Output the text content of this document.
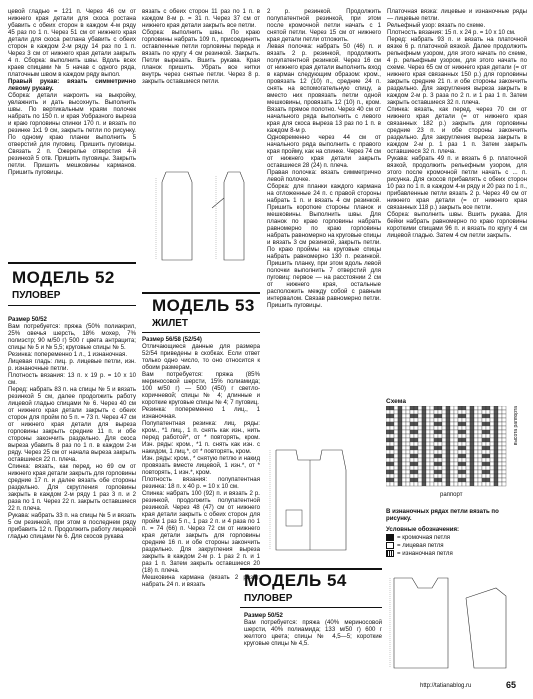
цевой гладью = 121 п. Через 46 см от нижнего края детали для скоса ростана убавить с обеих сторон в каждом 4-м ряду 45 раз по 1 п. Через 51 см от нижнего края детали для скоса реглана убавить с обеих сторон в каждом 2-м ряду 14 раз по 1 п. Через 3 см от нижнего края детали закрыть 4 п. Сборка: выполнить швы. Вдоль всех краев спицами № 5 начав с одного ряда, платочным швом в каждом ряду выпол.

Правый рукав: вязать симметрично левому рукаву.

Сборка: детали накроить на выкройку, увлажнить и дать высохнуть. Выполнить швы. По вертикальным краям полочек набрать по 150 п. и края Уобразного выреза и краю горловины спинки 170 п. и вязать по резинке 1х1 9 см, закрыть петли по рисунку. По одному краю планки выполнить 5 отверстий для пуговиц. Пришить пуговицы. Связать 2 п. Ожерелье отверстия 4-й резинкой 5 отв. Пришить пуговицы. Закрыть петли. Пришить мешковины карманов. Пришить пуговицы.

МОДЕЛЬ 52
ПУЛОВЕР

Размер 50/52

Вам потребуется: пряжа (50% полиакрил, 25% овечья шерсть, 18% мохер, 7% полиэстр; 90 м/50 г) 500 г цвета антрацита; спицы № 5 и № 5,5; круговые спицы № 5.

Резинка: попеременно 1 л., 1 изнаночная.

Лицевая гладь: лиц. р. лицевые петли, изн. р. изнаночные петли.

Плотность вязания: 13 п. х 19 р. = 10 х 10 см.

Перед: набрать 83 п. на спицы № 5 и вязать резинкой 5 см, далее продолжить работу лицевой гладью спицами № 6. Через 40 см от нижнего края детали закрыть с обеих сторон для пройм по 5 п. = 73 п. Через 47 см от нижнего края детали для выреза горловины закрыть средние 11 п. и обе стороны закончить раздельно. Для скоса выреза убавить 8 раз по 1 п. в каждом 2-м ряду. Через 25 см от начала выреза закрыть оставшиеся 22 п. плеча.

Спинка: вязать, как перед, но 69 см от нижнего края детали закрыть для горловины средние 17 п. и далее вязать обе стороны раздельно. Для скругления горловины закрыть в каждом 2-м ряду 1 раз 3 п. и 2 раза по 1 п. Через 22 п. закрыть оставшиеся 22 п. плеча.

Рукава: набрать 33 п. на спицы № 5 и вязать 5 см резинкой, при этом в последнем ряду прибавить 12 п. Продолжить работу лицевой гладью спицами № 6. Для скосов рукава

вязать с обеих сторон 11 раз по 1 п. в каждом 8-м р. = 31 п. Через 37 см от нижнего края детали закрыть все петли.

Сборка: выполнить швы. По краю горловины набрать 109 п., присоединить оставленные петли горловины переда и вязать по кругу 4 см резинкой. Закрыть. Петли вырезать. Вшить рукава. Края планок пришить. Убрать все нитки внутрь через снятые петли. Через 8 р. закрыть оставшиеся петли.

МОДЕЛЬ 53
ЖИЛЕТ

Размер 56/58 (52/54)

Отличающиеся данные для размера 52/54 приведены в скобках. Если ответ только одно число, то оно относится к обоим размерам.

Вам потребуется: пряжа (85% мериносовой шерсти, 15% полиамида; 100 м/50 г) — 500 (450) г светло-коричневой; спицы № 4; длинные и короткие круговые спицы № 4; 7 пуговиц.

Резинка: попеременно 1 лиц., 1 изнаночная.

Полупатентная резинка: лиц. ряды: кром., *1 лиц., 1 п. снять как изн., нить перед работой*, от * повторять, кром. Изн. ряды: кром., *1 п. снять как изн. с накидом, 1 лиц.*, от * повторять, кром.

Изн. ряды: кром., * снятую петлю и накид провязать вместе лицевой, 1 изн.*, от * повторять, 1 изн.*, кром.

Плотность вязания: полупатентная резинка: 18 п. х 40 р. = 10 х 10 см.

Спинка: набрать 100 (92) п. и вязать 2 р. резинкой, продолжить полупатентной резинкой. Через 48 (47) см от нижнего края детали закрыть с обеих сторон для пройм 1 раз 5 п., 1 раз 2 п. и 4 раза по 1 п. = 74 (66) п. Через 72 см от нижнего края детали закрыть для горловины средние 16 п. и обе стороны закончить раздельно. Для закругления выреза закрыть в каждом 2-м р. 1 раз 2 п. и 1 раз 1 п. Затем закрыть оставшиеся 20 (18) п. плеча.

Мешковина кармана (вязать 2 раза): набрать 24 п. и вязать

2 р. резинкой. Продолжить полупатентной резинкой, при этом после кромочной петли начать с 1 снятой петли. Через 15 см от нижнего края детали петли отложить.

Левая полочка: набрать 50 (46) п. и вязать 2 р. резинкой, продолжить полупатентной резинкой. Через 16 см от нижнего края детали выполнить вход в карман следующим образом: кром., провязать 12 (10) п., средние 24 п. снять на вспомогательную спицу, а вместо них провязать петли одной мешковины, провязать 12 (10) п., кром. Вязать прямое полотно. Через 40 см от начального ряда выполнить с левого края для скоса выреза 13 раз по 1 п. в каждом 8-м р.

Одновременно через 44 см от начального ряда выполнить с правого края пройму, как на спинке. Через 74 см от нижнего края детали закрыть оставшиеся 28 (24) п. плеча.

Правая полочка: вязать симметрично левой полочке.

Сборка: для планки каждого кармана на отложенные 24 п. с правой стороны набрать 1 п. и вязать 4 см резинкой. Пришить короткие стороны планок и мешковины. Выполнить швы. Для планок по краю горловины набрать равномерно по краю горловины набрать равномерно на круговые спицы и вязать 3 см резинкой, закрыть петли. По краю проймы на круговые спицы набрать равномерно 130 п. резинкой. Пришить планку, при этом вдоль левой полочки выполнить 7 отверстий для пуговиц: первое — на расстоянии 2 см от нижнего края, остальные расположить между собой с равным интервалом. Связав равномерно петли. Пришить пуговицы.

МОДЕЛЬ 54
ПУЛОВЕР

Размер 50/52

Вам потребуется: пряжа (40% мериносовой шерсти, 40% полиамида; 133 м/50 г) 600 г желтого цвета; спицы № 4,5—5; короткие круговые спицы № 4,5.

Платочная вязка: лицевые и изнаночные ряды — лицевые петли.

Рельефный узор: вязать по схеме.

Плотность вязания: 15 п. х 24 р. = 10 х 10 см.

Перед: набрать 93 п. и вязать на платочной вязке 6 р. платочной вязкой. Далее продолжить рельефным узором, для этого начать по схеме, 4 р. рельефным узором, для этого начать по схеме. Через 65 см от нижнего края детали (= от нижнего края связанных 150 р.) для горловины закрыть средние 21 п. и обе стороны закончить раздельно. Для закругления выреза закрыть в каждом 2-м р. 3 раза по 2 п. и 1 раз 1 п. Затем закрыть оставшиеся 32 п. плеча.

Спинка: вязать, как перед, через 70 см от нижнего края детали (= от нижнего края связанных 182 р.) закрыть для горловины средние 23 п. и обе стороны закончить раздельно. Для закругления выреза закрыть в каждом 2-м р. 1 раз 1 п. Затем закрыть оставшиеся 32 п. плеча.

Рукава: набрать 49 п. и вязать 6 р. платочной вязкой, продолжить рельефным узором, для этого после кромочной петли начать с ... п. рисунка. Для скосов прибавлять с обеих сторон 10 раз по 1 п. в каждом 4-м ряду и 20 раз по 1 п., прибавленные петли вязать 2 р. Через 49 см от нижнего края детали (= от нижнего края связанных 118 р.) закрыть все петли.

Сборка: выполнить швы. Вшить рукава. Для бейки набрать равномерно по краю горловины короткими спицами 96 п. и вязать по кругу 4 см лицевой гладью. Затем 4 см петли закрыть.

Схема
раппорт
высота раппорта
В изнаночных рядах петли вязать по рисунку.
Условные обозначения:
= кромочная петля
= лицевая петля
= изнаночная петля
http://tatianablog.ru	65
